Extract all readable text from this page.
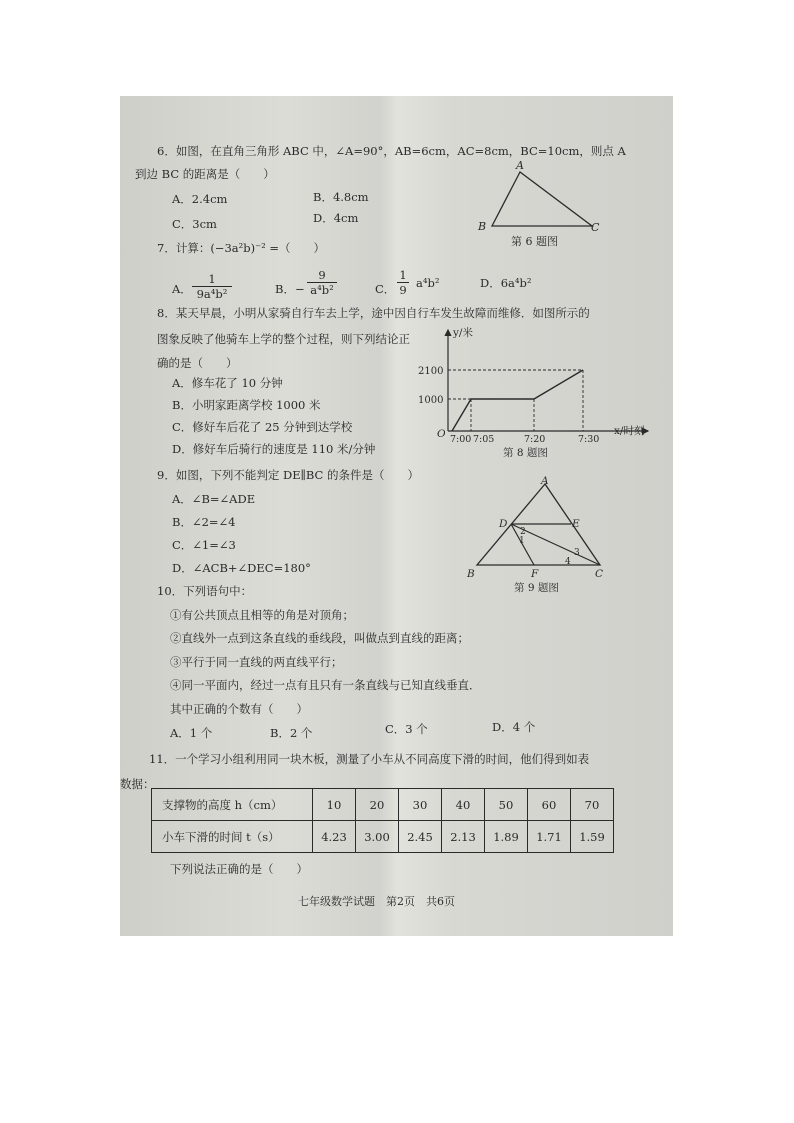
6．如图，在直角三角形 ABC 中，∠A=90°，AB=6cm，AC=8cm，BC=10cm，则点 A
到边 BC 的距离是（　　）
A．2.4cm	B．4.8cm
C．3cm	D．4cm
A
B	C
第 6 题图
7．计算：(−3a²b)⁻² =（　　）
A． $\frac{1}{\text{9a⁴b²}}$	B．− $\frac{9}{\text{a⁴b²}}$	C． $\frac{1}{9} a^4b^2$	D．6a⁴b²
8．某天早晨，小明从家骑自行车去上学，途中因自行车发生故障而维修．如图所示的
图象反映了他骑车上学的整个过程，则下列结论正
确的是（　　）
A．修车花了 10 分钟
B．小明家距离学校 1000 米
C．修好车后花了 25 分钟到达学校
D．修好车后骑行的速度是 110 米/分钟
y/米
x/时刻
O
2100
1000
7:00 7:05	7:20	7:30
第 8 题图
9．如图，下列不能判定 DE∥BC 的条件是（　　）
A．∠B=∠ADE
B．∠2=∠4
C．∠1=∠3
D．∠ACB+∠DEC=180°
A
B	C
D	E
F
1
2
3
4
第 9 题图
10．下列语句中：
①有公共顶点且相等的角是对顶角；
②直线外一点到这条直线的垂线段，叫做点到直线的距离；
③平行于同一直线的两直线平行；
④同一平面内，经过一点有且只有一条直线与已知直线垂直．
其中正确的个数有（　　）
A．1 个	B．2 个	C．3 个	D．4 个
11．一个学习小组利用同一块木板，测量了小车从不同高度下滑的时间，他们得到如表
数据：
支撑物的高度 h（cm）	10	20	30	40	50	60	70
小车下滑的时间 t（s）	4.23	3.00	2.45	2.13	1.89	1.71	1.59
下列说法正确的是（　　）
七年级数学试题　第2页　共6页
